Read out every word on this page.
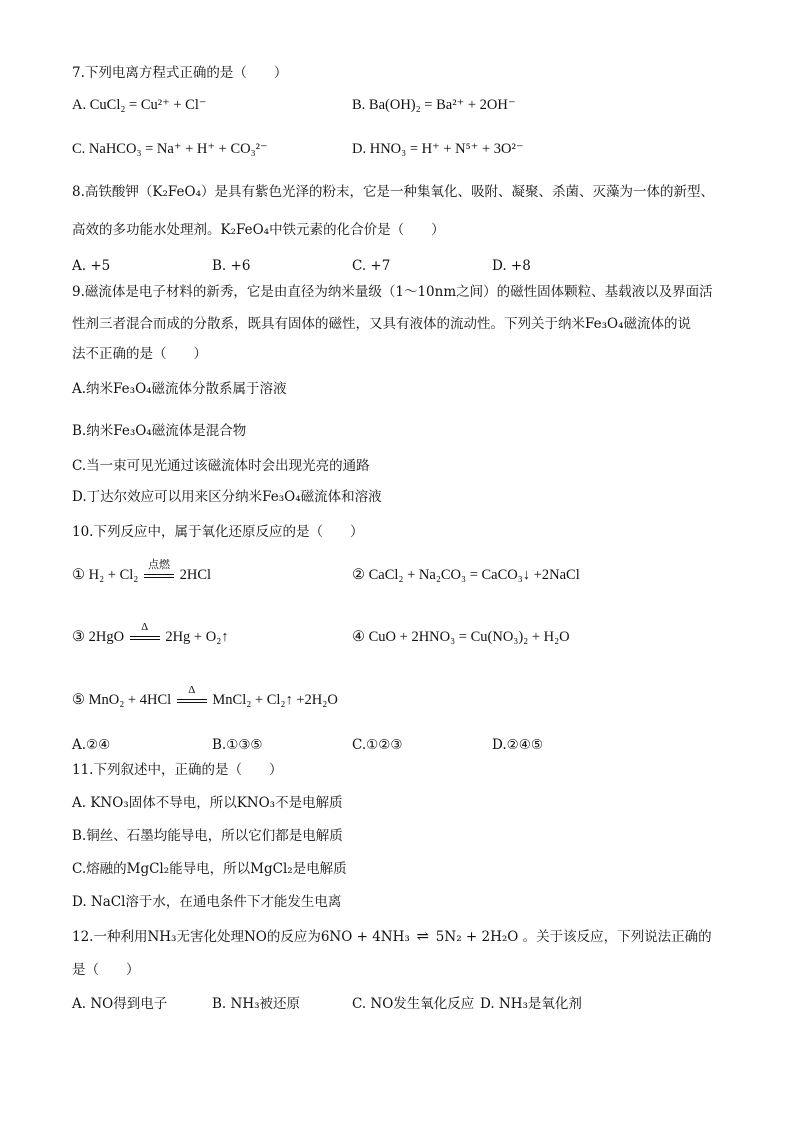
7.下列电离方程式正确的是（　　）
A. CuCl₂ = Cu²⁺ + Cl⁻	B. Ba(OH)₂ = Ba²⁺ + 2OH⁻
C. NaHCO₃ = Na⁺ + H⁺ + CO₃²⁻	D. HNO₃ = H⁺ + N⁵⁺ + 3O²⁻
8.高铁酸钾（K₂FeO₄）是具有紫色光泽的粉末，它是一种集氧化、吸附、凝聚、杀菌、灭藻为一体的新型、
高效的多功能水处理剂。K₂FeO₄中铁元素的化合价是（　　）
A. +5	B. +6	C. +7	D. +8
9.磁流体是电子材料的新秀，它是由直径为纳米量级（1～10nm之间）的磁性固体颗粒、基载液以及界面活
性剂三者混合而成的分散系，既具有固体的磁性，又具有液体的流动性。下列关于纳米Fe₃O₄磁流体的说
法不正确的是（　　）
A.纳米Fe₃O₄磁流体分散系属于溶液
B.纳米Fe₃O₄磁流体是混合物
C.当一束可见光通过该磁流体时会出现光亮的通路
D.丁达尔效应可以用来区分纳米Fe₃O₄磁流体和溶液
10.下列反应中，属于氧化还原反应的是（　　）
① H₂ + Cl₂
点燃
2HCl	② CaCl₂ + Na₂CO₃ = CaCO₃↓ +2NaCl
③ 2HgO
Δ
2Hg + O₂↑	④ CuO + 2HNO₃ = Cu(NO₃)₂ + H₂O
⑤ MnO₂ + 4HCl
Δ
MnCl₂ + Cl₂↑ +2H₂O
A.②④	B.①③⑤	C.①②③	D.②④⑤
11.下列叙述中，正确的是（　　）
A. KNO₃固体不导电，所以KNO₃不是电解质
B.铜丝、石墨均能导电，所以它们都是电解质
C.熔融的MgCl₂能导电，所以MgCl₂是电解质
D. NaCl溶于水，在通电条件下才能发生电离
12.一种利用NH₃无害化处理NO的反应为6NO + 4NH₃ ⇌ 5N₂ + 2H₂O 。关于该反应，下列说法正确的
是（　　）
A. NO得到电子	B. NH₃被还原	C. NO发生氧化反应 D. NH₃是氧化剂
